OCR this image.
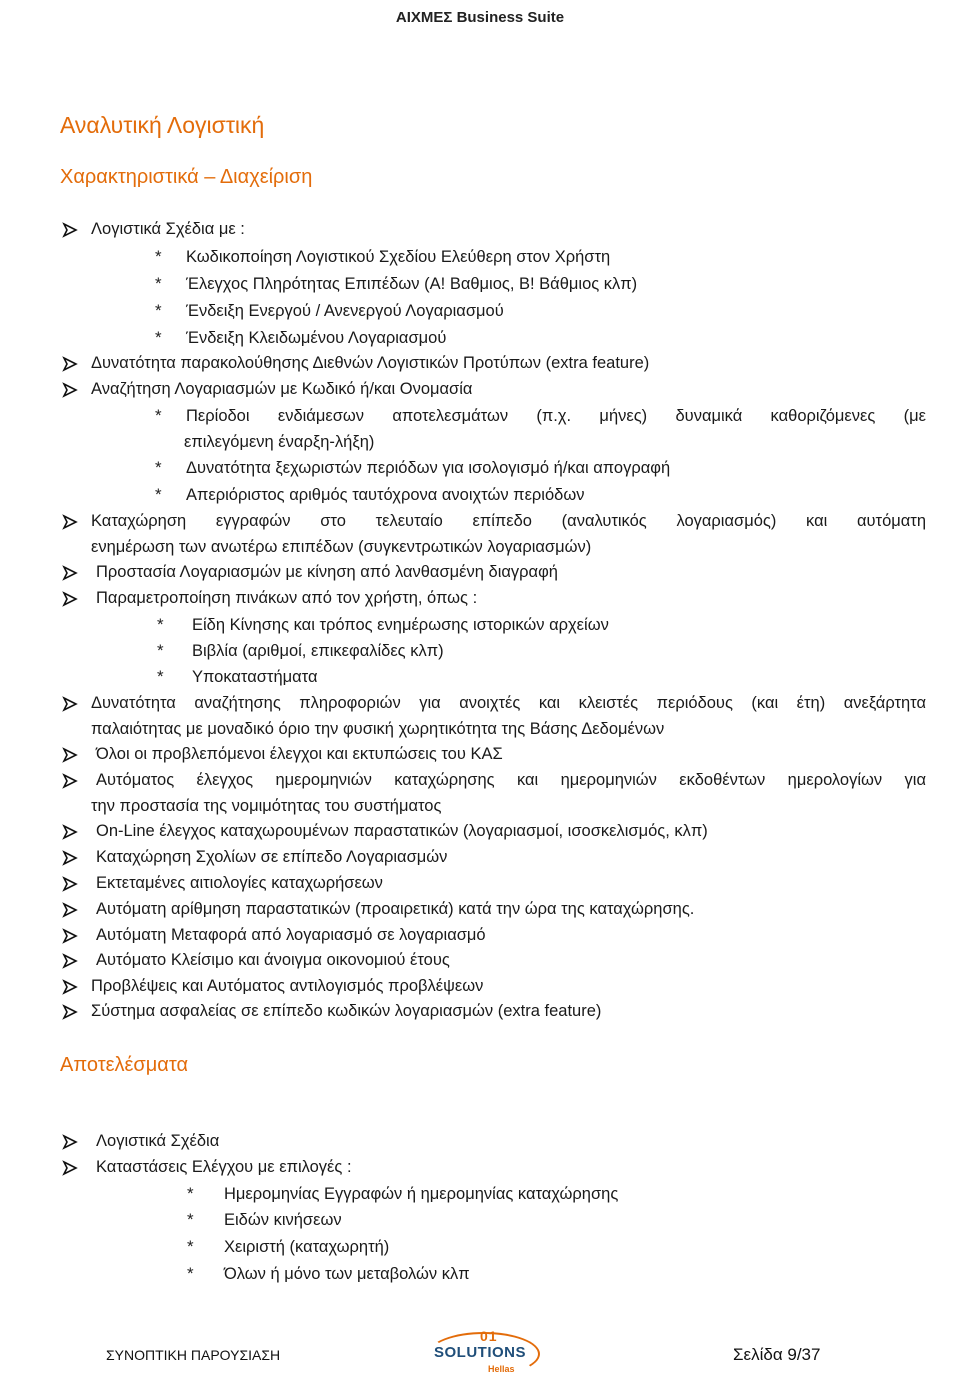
ΑΙΧΜΕΣ Business Suite
Αναλυτική Λογιστική
Χαρακτηριστικά – Διαχείριση
Λογιστικά Σχέδια με :
*	Κωδικοποίηση Λογιστικού Σχεδίου Ελεύθερη στον Χρήστη
*	Έλεγχος Πληρότητας Επιπέδων (Α! Βαθμιος, Β! Βάθμιος κλπ)
*	Ένδειξη Ενεργού / Ανενεργού Λογαριασμού
*	Ένδειξη Κλειδωμένου Λογαριασμού
Δυνατότητα παρακολούθησης Διεθνών Λογιστικών Προτύπων (extra feature)
Αναζήτηση Λογαριασμών με Κωδικό ή/και Ονομασία
*	Περίοδοι ενδιάμεσων αποτελεσμάτων (π.χ. μήνες) δυναμικά καθοριζόμενες (με
επιλεγόμενη έναρξη-λήξη)
*	Δυνατότητα ξεχωριστών περιόδων για ισολογισμό ή/και απογραφή
*	Απεριόριστος αριθμός ταυτόχρονα ανοιχτών περιόδων
Καταχώρηση εγγραφών στο τελευταίο επίπεδο (αναλυτικός λογαριασμός) και αυτόματη
ενημέρωση των ανωτέρω επιπέδων (συγκεντρωτικών λογαριασμών)
Προστασία Λογαριασμών με κίνηση από λανθασμένη διαγραφή
Παραμετροποίηση πινάκων από τον χρήστη, όπως :
*	Είδη Κίνησης και τρόπος ενημέρωσης ιστορικών αρχείων
*	Βιβλία (αριθμοί, επικεφαλίδες κλπ)
*	Υποκαταστήματα
Δυνατότητα αναζήτησης πληροφοριών για ανοιχτές και κλειστές περιόδους (και έτη) ανεξάρτητα
παλαιότητας με μοναδικό όριο την φυσική χωρητικότητα της Βάσης Δεδομένων
Όλοι οι προβλεπόμενοι έλεγχοι και εκτυπώσεις του ΚΑΣ
Αυτόματος έλεγχος ημερομηνιών καταχώρησης και ημερομηνιών εκδοθέντων ημερολογίων για
την προστασία της νομιμότητας του συστήματος
On-Line έλεγχος καταχωρουμένων παραστατικών (λογαριασμοί, ισοσκελισμός, κλπ)
Καταχώρηση Σχολίων σε επίπεδο Λογαριασμών
Εκτεταμένες αιτιολογίες καταχωρήσεων
Αυτόματη αρίθμηση παραστατικών (προαιρετικά) κατά την ώρα της καταχώρησης.
Αυτόματη Μεταφορά από λογαριασμό σε λογαριασμό
Αυτόματο Κλείσιμο και άνοιγμα οικονομιού έτους
Προβλέψεις και Αυτόματος αντιλογισμός προβλέψεων
Σύστημα ασφαλείας σε επίπεδο κωδικών λογαριασμών (extra feature)
Αποτελέσματα
Λογιστικά Σχέδια
Καταστάσεις Ελέγχου με επιλογές :
*	Ημερομηνίας Εγγραφών ή ημερομηνίας καταχώρησης
*	Ειδών κινήσεων
*	Χειριστή (καταχωρητή)
*	Όλων ή μόνο των μεταβολών κλπ
ΣΥΝΟΠΤΙΚΗ ΠΑΡΟΥΣΙΑΣΗ
01
SOLUTIONS
Hellas
Σελίδα 9/37
